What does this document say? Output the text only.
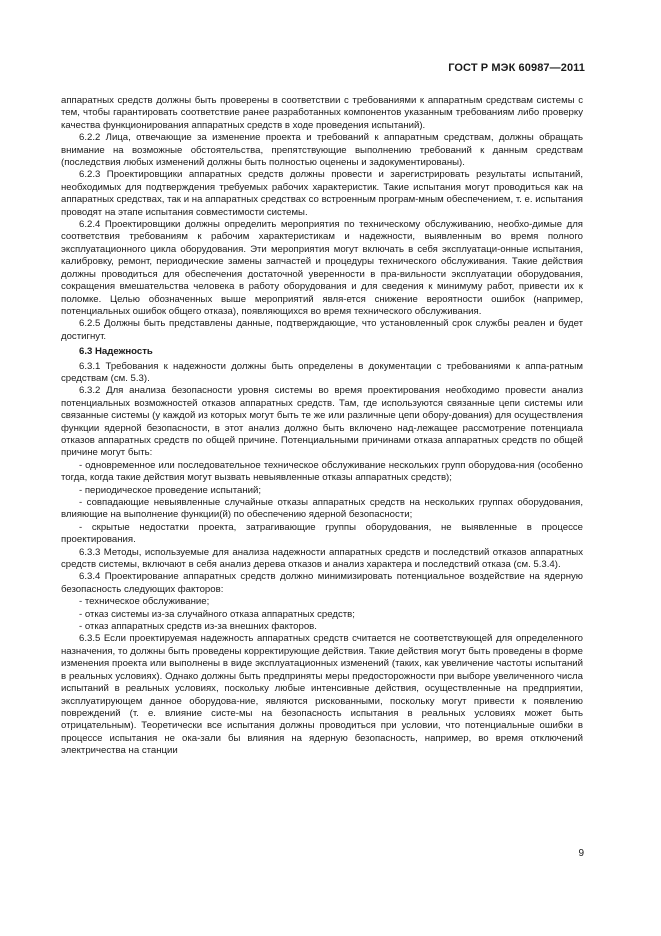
ГОСТ Р МЭК 60987—2011

аппаратных средств должны быть проверены в соответствии с требованиями к аппаратным средствам системы с тем, чтобы гарантировать соответствие ранее разработанных компонентов указанным требованиям либо проверку качества функционирования аппаратных средств в ходе проведения испытаний).

6.2.2 Лица, отвечающие за изменение проекта и требований к аппаратным средствам, должны обращать внимание на возможные обстоятельства, препятствующие выполнению требований к данным средствам (последствия любых изменений должны быть полностью оценены и задокументированы).

6.2.3 Проектировщики аппаратных средств должны провести и зарегистрировать результаты испытаний, необходимых для подтверждения требуемых рабочих характеристик. Такие испытания могут проводиться как на аппаратных средствах, так и на аппаратных средствах со встроенным програм-мным обеспечением, т. е. испытания проводят на этапе испытания совместимости системы.

6.2.4 Проектировщики должны определить мероприятия по техническому обслуживанию, необхо-димые для соответствия требованиям к рабочим характеристикам и надежности, выявленным во время полного эксплуатационного цикла оборудования. Эти мероприятия могут включать в себя эксплуатаци-онные испытания, калибровку, ремонт, периодические замены запчастей и процедуры технического обслуживания. Такие действия должны проводиться для обеспечения достаточной уверенности в пра-вильности эксплуатации оборудования, сокращения вмешательства человека в работу оборудования и для сведения к минимуму работ, привести их к поломке. Целью обозначенных выше мероприятий явля-ется снижение вероятности ошибок (например, потенциальных ошибок общего отказа), появляющихся во время технического обслуживания.

6.2.5 Должны быть представлены данные, подтверждающие, что установленный срок службы реален и будет достигнут.

6.3 Надежность

6.3.1 Требования к надежности должны быть определены в документации с требованиями к аппа-ратным средствам (см. 5.3).

6.3.2 Для анализа безопасности уровня системы во время проектирования необходимо провести анализ потенциальных возможностей отказов аппаратных средств. Там, где используются связанные цепи системы или связанные системы (у каждой из которых могут быть те же или различные цепи обору-дования) для осуществления функции ядерной безопасности, в этот анализ должно быть включено над-лежащее рассмотрение потенциала отказов аппаратных средств по общей причине. Потенциальными причинами отказа аппаратных средств по общей причине могут быть:

- одновременное или последовательное техническое обслуживание нескольких групп оборудова-ния (особенно тогда, когда такие действия могут вызвать невыявленные отказы аппаратных средств);

- периодическое проведение испытаний;

- совпадающие невыявленные случайные отказы аппаратных средств на нескольких группах оборудования, влияющие на выполнение функции(й) по обеспечению ядерной безопасности;

- скрытые недостатки проекта, затрагивающие группы оборудования, не выявленные в процессе проектирования.

6.3.3 Методы, используемые для анализа надежности аппаратных средств и последствий отказов аппаратных средств системы, включают в себя анализ дерева отказов и анализ характера и последствий отказа (см. 5.3.4).

6.3.4 Проектирование аппаратных средств должно минимизировать потенциальное воздействие на ядерную безопасность следующих факторов:

- техническое обслуживание;

- отказ системы из-за случайного отказа аппаратных средств;

- отказ аппаратных средств из-за внешних факторов.

6.3.5 Если проектируемая надежность аппаратных средств считается не соответствующей для определенного назначения, то должны быть проведены корректирующие действия. Такие действия могут быть проведены в форме изменения проекта или выполнены в виде эксплуатационных изменений (таких, как увеличение частоты испытаний в реальных условиях). Однако должны быть предприняты меры предосторожности при выборе увеличенного числа испытаний в реальных условиях, поскольку любые интенсивные действия, осуществленные на предприятии, эксплуатирующем данное оборудова-ние, являются рискованными, поскольку могут привести к появлению повреждений (т. е. влияние систе-мы на безопасность испытания в реальных условиях может быть отрицательным). Теоретически все испытания должны проводиться при условии, что потенциальные ошибки в процессе испытания не ока-зали бы влияния на ядерную безопасность, например, во время отключений электричества на станции

9
